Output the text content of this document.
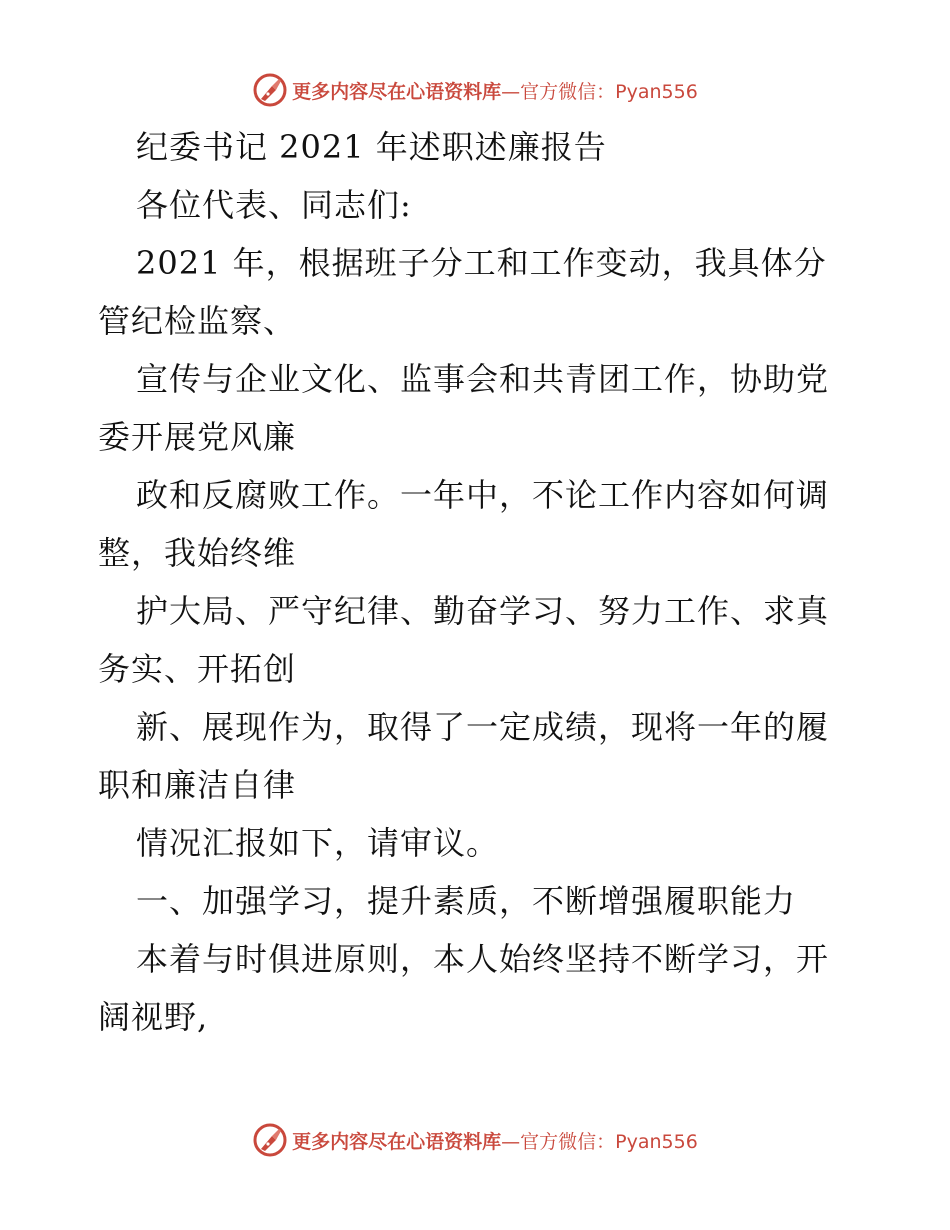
更多内容尽在心语资料库—官方微信：Pyan556
纪委书记 2021 年述职述廉报告
各位代表、同志们:
2021 年，根据班子分工和工作变动，我具体分
管纪检监察、
宣传与企业文化、监事会和共青团工作，协助党
委开展党风廉
政和反腐败工作。一年中，不论工作内容如何调
整，我始终维
护大局、严守纪律、勤奋学习、努力工作、求真
务实、开拓创
新、展现作为，取得了一定成绩，现将一年的履
职和廉洁自律
情况汇报如下，请审议。
一、加强学习，提升素质，不断增强履职能力
本着与时俱进原则，本人始终坚持不断学习，开
阔视野,
更多内容尽在心语资料库—官方微信：Pyan556
